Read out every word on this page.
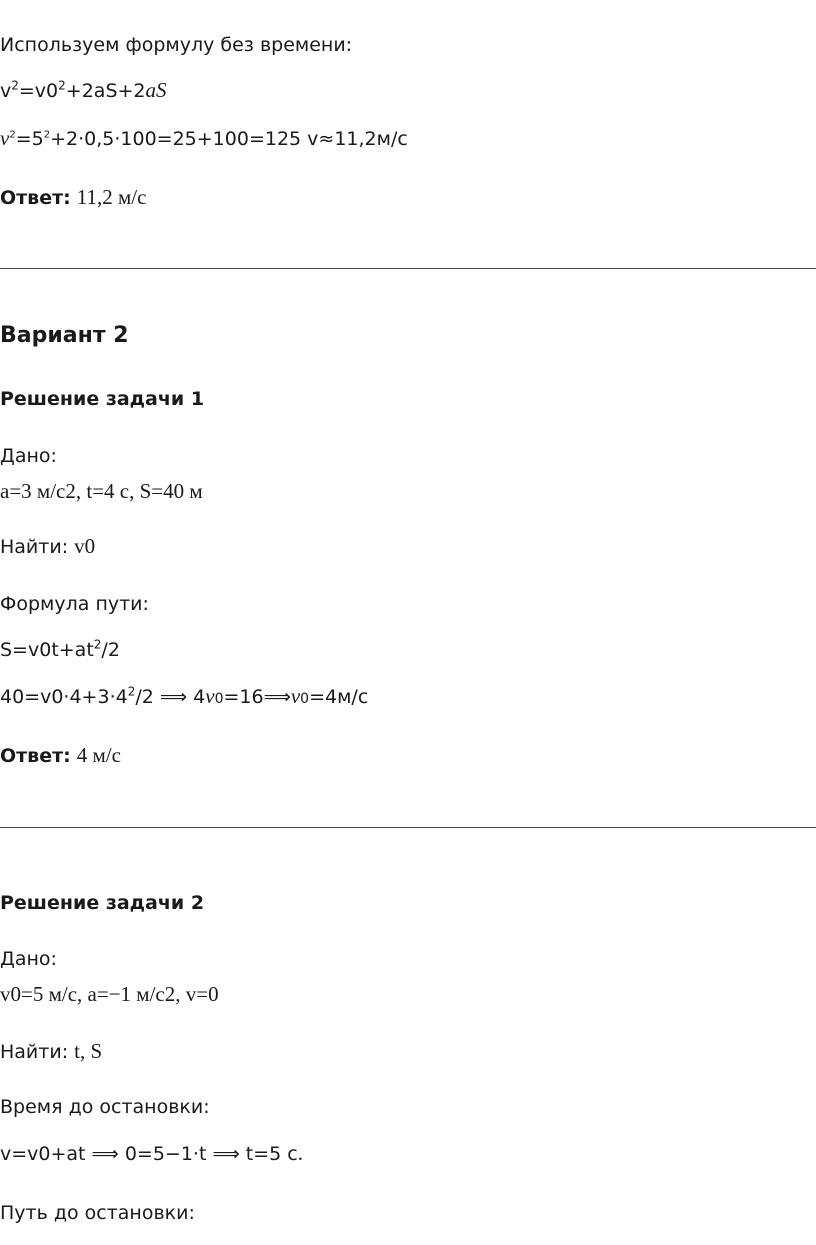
Используем формулу без времени:
$v^2=v0^2+2aS+2aS$
$v^2=5^2+2\cdot 0,5\cdot 100=25+100=125$ v≈11,2м/с
Ответ: 11,2 м/с
Вариант 2
Решение задачи 1
Дано:
a=3 м/с2, t=4 с, S=40 м
Найти: v0
Формула пути:
$S=v0t+at^2/2$
$40=v0\cdot 4+3\cdot 4^2/2$ ⟹ 4v0=16⟹v0=4м/с
Ответ: 4 м/с
Решение задачи 2
Дано:
v0=5 м/с, a=−1 м/с2, v=0
Найти: t, S
Время до остановки:
v=v0+at ⟹ 0=5−1·t ⟹ t=5 с.
Путь до остановки:
